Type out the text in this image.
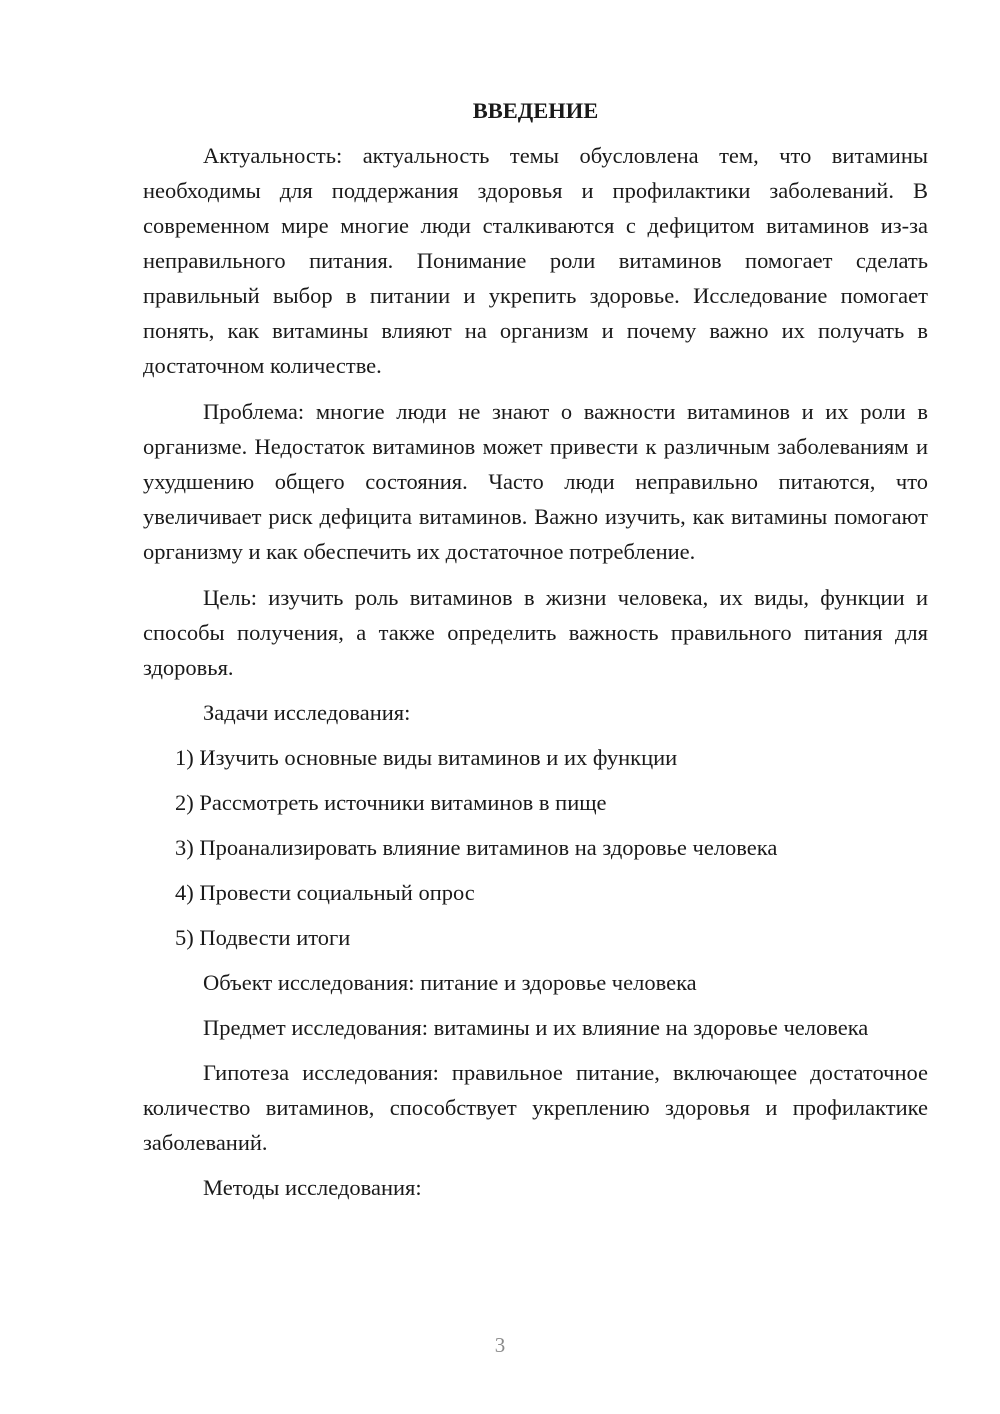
ВВЕДЕНИЕ

Актуальность: актуальность темы обусловлена тем, что витамины необходимы для поддержания здоровья и профилактики заболеваний. В современном мире многие люди сталкиваются с дефицитом витаминов из-за неправильного питания. Понимание роли витаминов помогает сделать правильный выбор в питании и укрепить здоровье. Исследование помогает понять, как витамины влияют на организм и почему важно их получать в достаточном количестве.

Проблема: многие люди не знают о важности витаминов и их роли в организме. Недостаток витаминов может привести к различным заболеваниям и ухудшению общего состояния. Часто люди неправильно питаются, что увеличивает риск дефицита витаминов. Важно изучить, как витамины помогают организму и как обеспечить их достаточное потребление.

Цель: изучить роль витаминов в жизни человека, их виды, функции и способы получения, а также определить важность правильного питания для здоровья.

Задачи исследования:

1) Изучить основные виды витаминов и их функции

2) Рассмотреть источники витаминов в пище

3) Проанализировать влияние витаминов на здоровье человека

4) Провести социальный опрос

5) Подвести итоги

Объект исследования: питание и здоровье человека

Предмет исследования: витамины и их влияние на здоровье человека

Гипотеза исследования: правильное питание, включающее достаточное количество витаминов, способствует укреплению здоровья и профилактике заболеваний.

Методы исследования:

3
